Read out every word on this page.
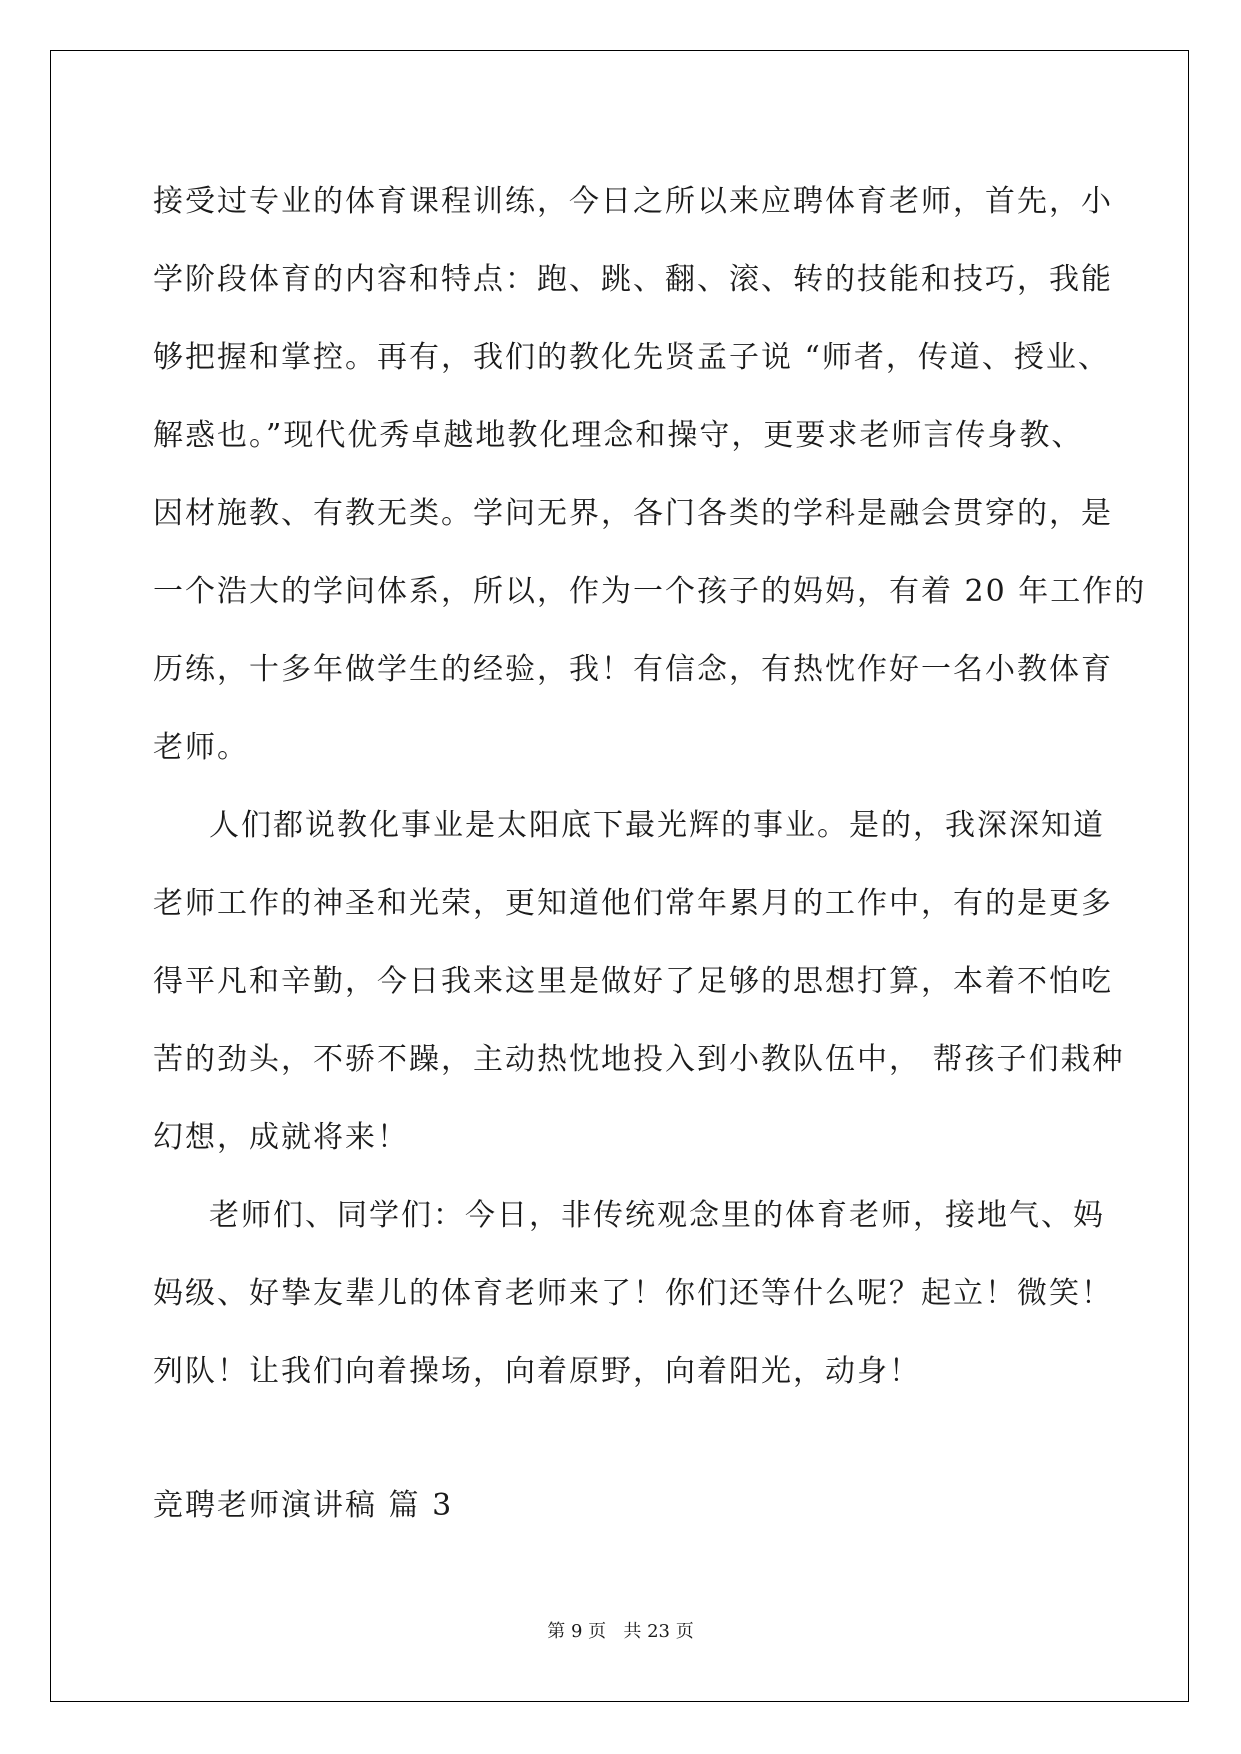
接受过专业的体育课程训练，今日之所以来应聘体育老师，首先，小
学阶段体育的内容和特点：跑、跳、翻、滚、转的技能和技巧，我能
够把握和掌控。再有，我们的教化先贤孟子说 “师者，传道、授业、
解惑也。”现代优秀卓越地教化理念和操守，更要求老师言传身教、
因材施教、有教无类。学问无界，各门各类的学科是融会贯穿的，是
一个浩大的学问体系，所以，作为一个孩子的妈妈，有着 20 年工作的
历练，十多年做学生的经验，我！有信念，有热忱作好一名小教体育
老师。

人们都说教化事业是太阳底下最光辉的事业。是的，我深深知道
老师工作的神圣和光荣，更知道他们常年累月的工作中，有的是更多
得平凡和辛勤，今日我来这里是做好了足够的思想打算，本着不怕吃
苦的劲头，不骄不躁，主动热忱地投入到小教队伍中， 帮孩子们栽种
幻想，成就将来！

老师们、同学们：今日，非传统观念里的体育老师，接地气、妈
妈级、好挚友辈儿的体育老师来了！你们还等什么呢？起立！微笑！
列队！让我们向着操场，向着原野，向着阳光，动身！

竞聘老师演讲稿 篇 3
第 9 页   共 23 页
